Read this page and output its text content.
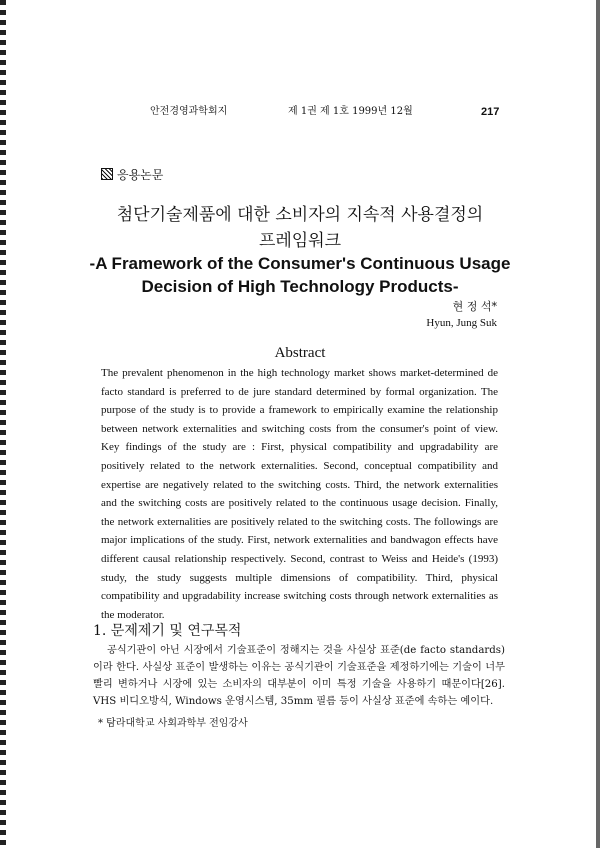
안전경영과학회지	제 1권 제 1호 1999년 12월	217
응용논문
첨단기술제품에 대한 소비자의 지속적 사용결정의
프레임워크
-A Framework of the Consumer's Continuous Usage
Decision of High Technology Products-
현 정 석*
Hyun, Jung Suk
Abstract
The prevalent phenomenon in the high technology market shows market-determined de facto standard is preferred to de jure standard determined by formal organization. The purpose of the study is to provide a framework to empirically examine the relationship between network externalities and switching costs from the consumer's point of view. Key findings of the study are : First, physical compatibility and upgradability are positively related to the network externalities. Second, conceptual compatibility and expertise are negatively related to the switching costs. Third, the network externalities and the switching costs are positively related to the continuous usage decision. Finally, the network externalities are positively related to the switching costs. The followings are major implications of the study. First, network externalities and bandwagon effects have different causal relationship respectively. Second, contrast to Weiss and Heide's (1993) study, the study suggests multiple dimensions of compatibility. Third, physical compatibility and upgradability increase switching costs through network externalities as the moderator.
1. 문제제기 및 연구목적
공식기관이 아닌 시장에서 기술표준이 정해지는 것을 사실상 표준(de facto standards)이라 한다. 사실상 표준이 발생하는 이유는 공식기관이 기술표준을 제정하기에는 기술이 너무 빨리 변하거나 시장에 있는 소비자의 대부분이 이미 특정 기술을 사용하기 때문이다[26]. VHS 비디오방식, Windows 운영시스템, 35mm 필름 등이 사실상 표준에 속하는 예이다.
* 탐라대학교 사회과학부 전임강사
